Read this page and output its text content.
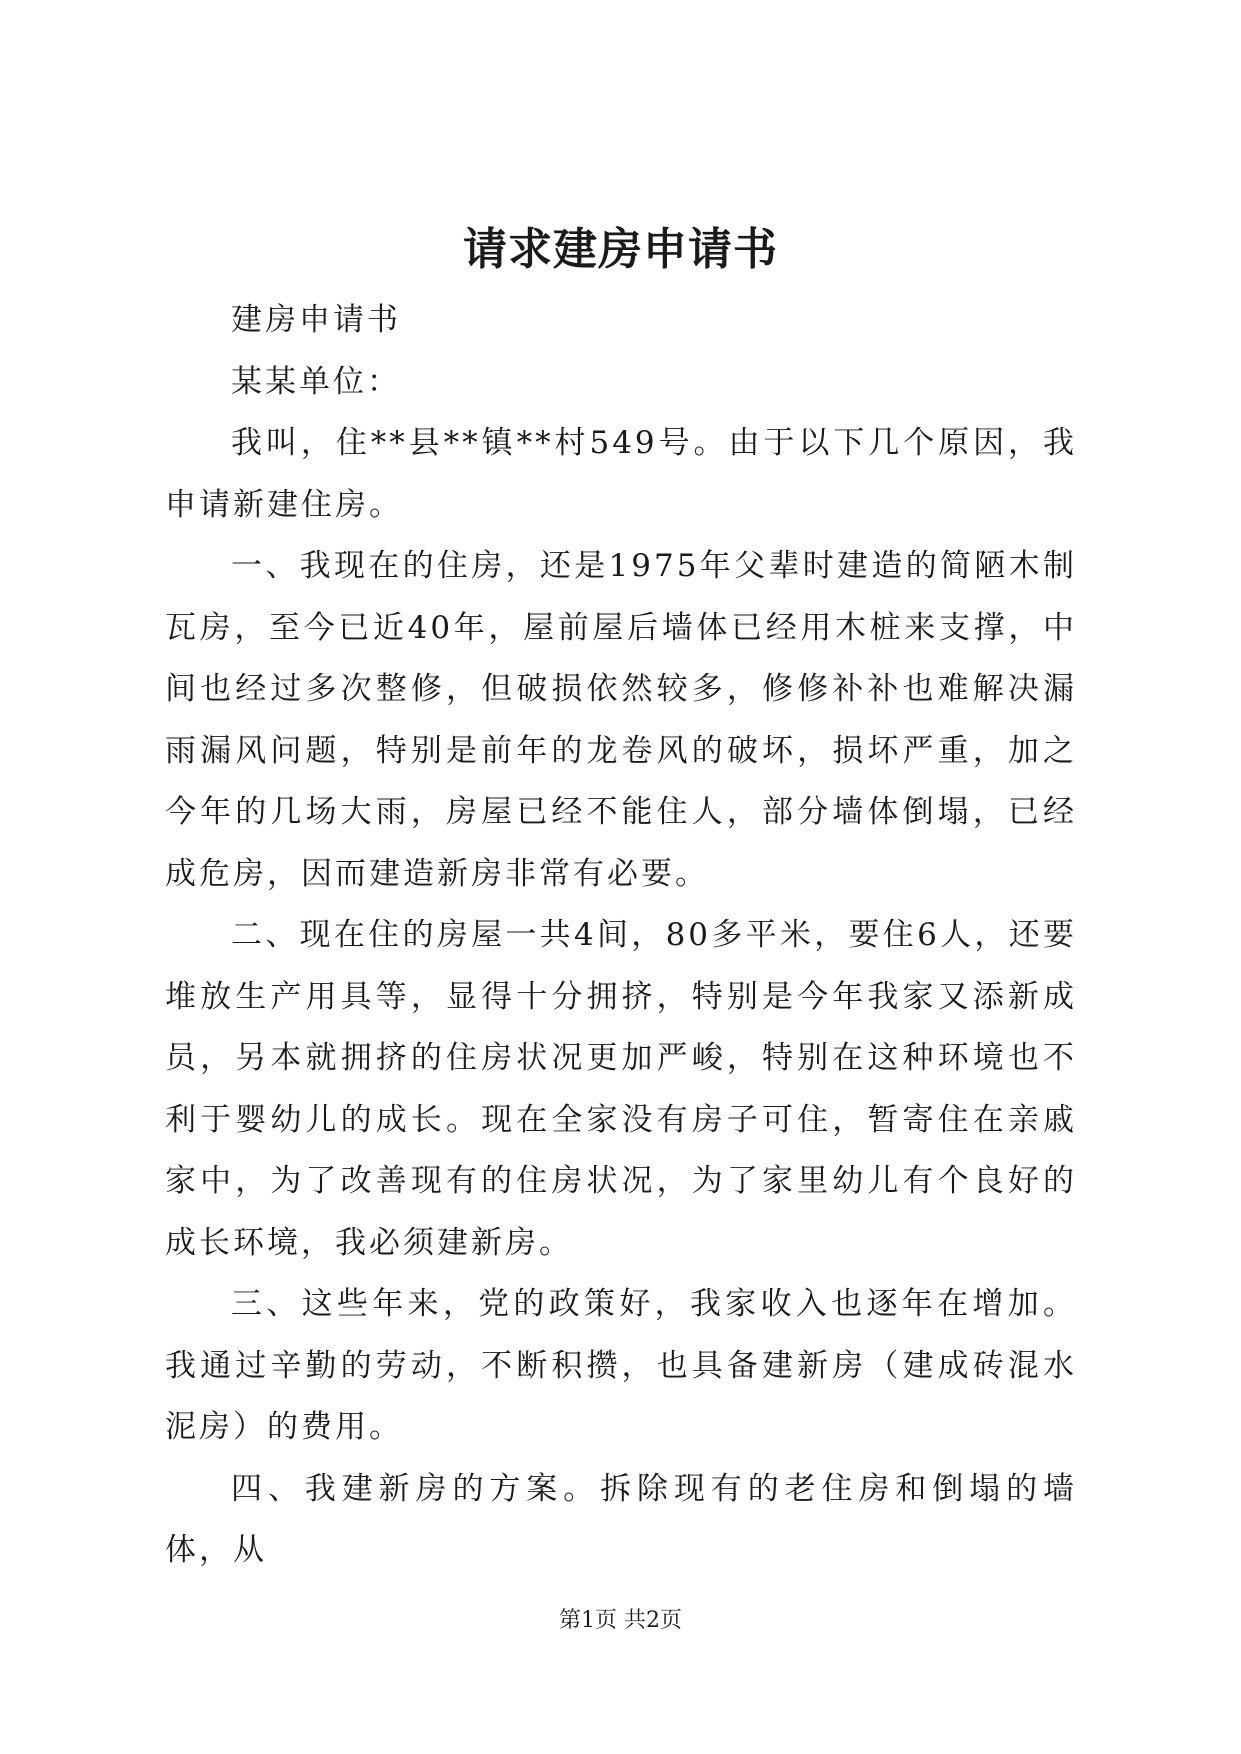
请求建房申请书

建房申请书

某某单位：

我叫，住**县**镇**村549号。由于以下几个原因，我申请新建住房。

一、我现在的住房，还是1975年父辈时建造的简陋木制瓦房，至今已近40年，屋前屋后墙体已经用木桩来支撑，中间也经过多次整修，但破损依然较多，修修补补也难解决漏雨漏风问题，特别是前年的龙卷风的破坏，损坏严重，加之今年的几场大雨，房屋已经不能住人，部分墙体倒塌，已经成危房，因而建造新房非常有必要。

二、现在住的房屋一共4间，80多平米，要住6人，还要堆放生产用具等，显得十分拥挤，特别是今年我家又添新成员，另本就拥挤的住房状况更加严峻，特别在这种环境也不利于婴幼儿的成长。现在全家没有房子可住，暂寄住在亲戚家中，为了改善现有的住房状况，为了家里幼儿有个良好的成长环境，我必须建新房。

三、这些年来，党的政策好，我家收入也逐年在增加。我通过辛勤的劳动，不断积攒，也具备建新房（建成砖混水泥房）的费用。

四、我建新房的方案。拆除现有的老住房和倒塌的墙体，从

第1页 共2页
